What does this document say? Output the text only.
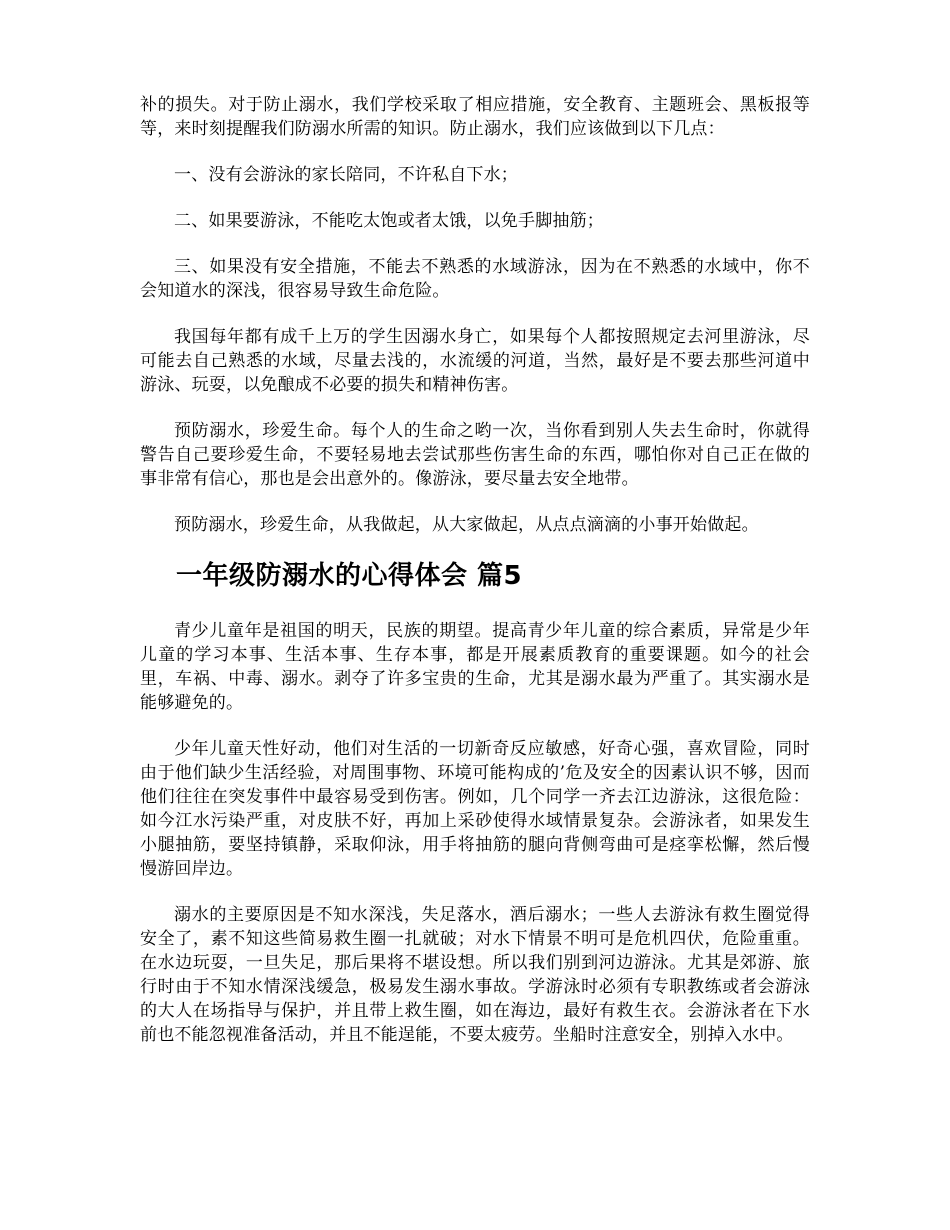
补的损失。对于防止溺水，我们学校采取了相应措施，安全教育、主题班会、黑板报等等，来时刻提醒我们防溺水所需的知识。防止溺水，我们应该做到以下几点：

一、没有会游泳的家长陪同，不许私自下水；

二、如果要游泳，不能吃太饱或者太饿，以免手脚抽筋；

三、如果没有安全措施，不能去不熟悉的水域游泳，因为在不熟悉的水域中，你不会知道水的深浅，很容易导致生命危险。

我国每年都有成千上万的学生因溺水身亡，如果每个人都按照规定去河里游泳，尽可能去自己熟悉的水域，尽量去浅的，水流缓的河道，当然，最好是不要去那些河道中游泳、玩耍，以免酿成不必要的损失和精神伤害。

预防溺水，珍爱生命。每个人的生命之哟一次，当你看到别人失去生命时，你就得警告自己要珍爱生命，不要轻易地去尝试那些伤害生命的东西，哪怕你对自己正在做的事非常有信心，那也是会出意外的。像游泳，要尽量去安全地带。

预防溺水，珍爱生命，从我做起，从大家做起，从点点滴滴的小事开始做起。

一年级防溺水的心得体会 篇5

青少儿童年是祖国的明天，民族的期望。提高青少年儿童的综合素质，异常是少年儿童的学习本事、生活本事、生存本事，都是开展素质教育的重要课题。如今的社会里，车祸、中毒、溺水。剥夺了许多宝贵的生命，尤其是溺水最为严重了。其实溺水是能够避免的。

少年儿童天性好动，他们对生活的一切新奇反应敏感，好奇心强，喜欢冒险，同时由于他们缺少生活经验，对周围事物、环境可能构成的’危及安全的因素认识不够，因而他们往往在突发事件中最容易受到伤害。例如，几个同学一齐去江边游泳，这很危险：如今江水污染严重，对皮肤不好，再加上采砂使得水域情景复杂。会游泳者，如果发生小腿抽筋，要坚持镇静，采取仰泳，用手将抽筋的腿向背侧弯曲可是痉挛松懈，然后慢慢游回岸边。

溺水的主要原因是不知水深浅，失足落水，酒后溺水；一些人去游泳有救生圈觉得安全了，素不知这些简易救生圈一扎就破；对水下情景不明可是危机四伏，危险重重。在水边玩耍，一旦失足，那后果将不堪设想。所以我们别到河边游泳。尤其是郊游、旅行时由于不知水情深浅缓急，极易发生溺水事故。学游泳时必须有专职教练或者会游泳的大人在场指导与保护，并且带上救生圈，如在海边，最好有救生衣。会游泳者在下水前也不能忽视准备活动，并且不能逞能，不要太疲劳。坐船时注意安全，别掉入水中。
